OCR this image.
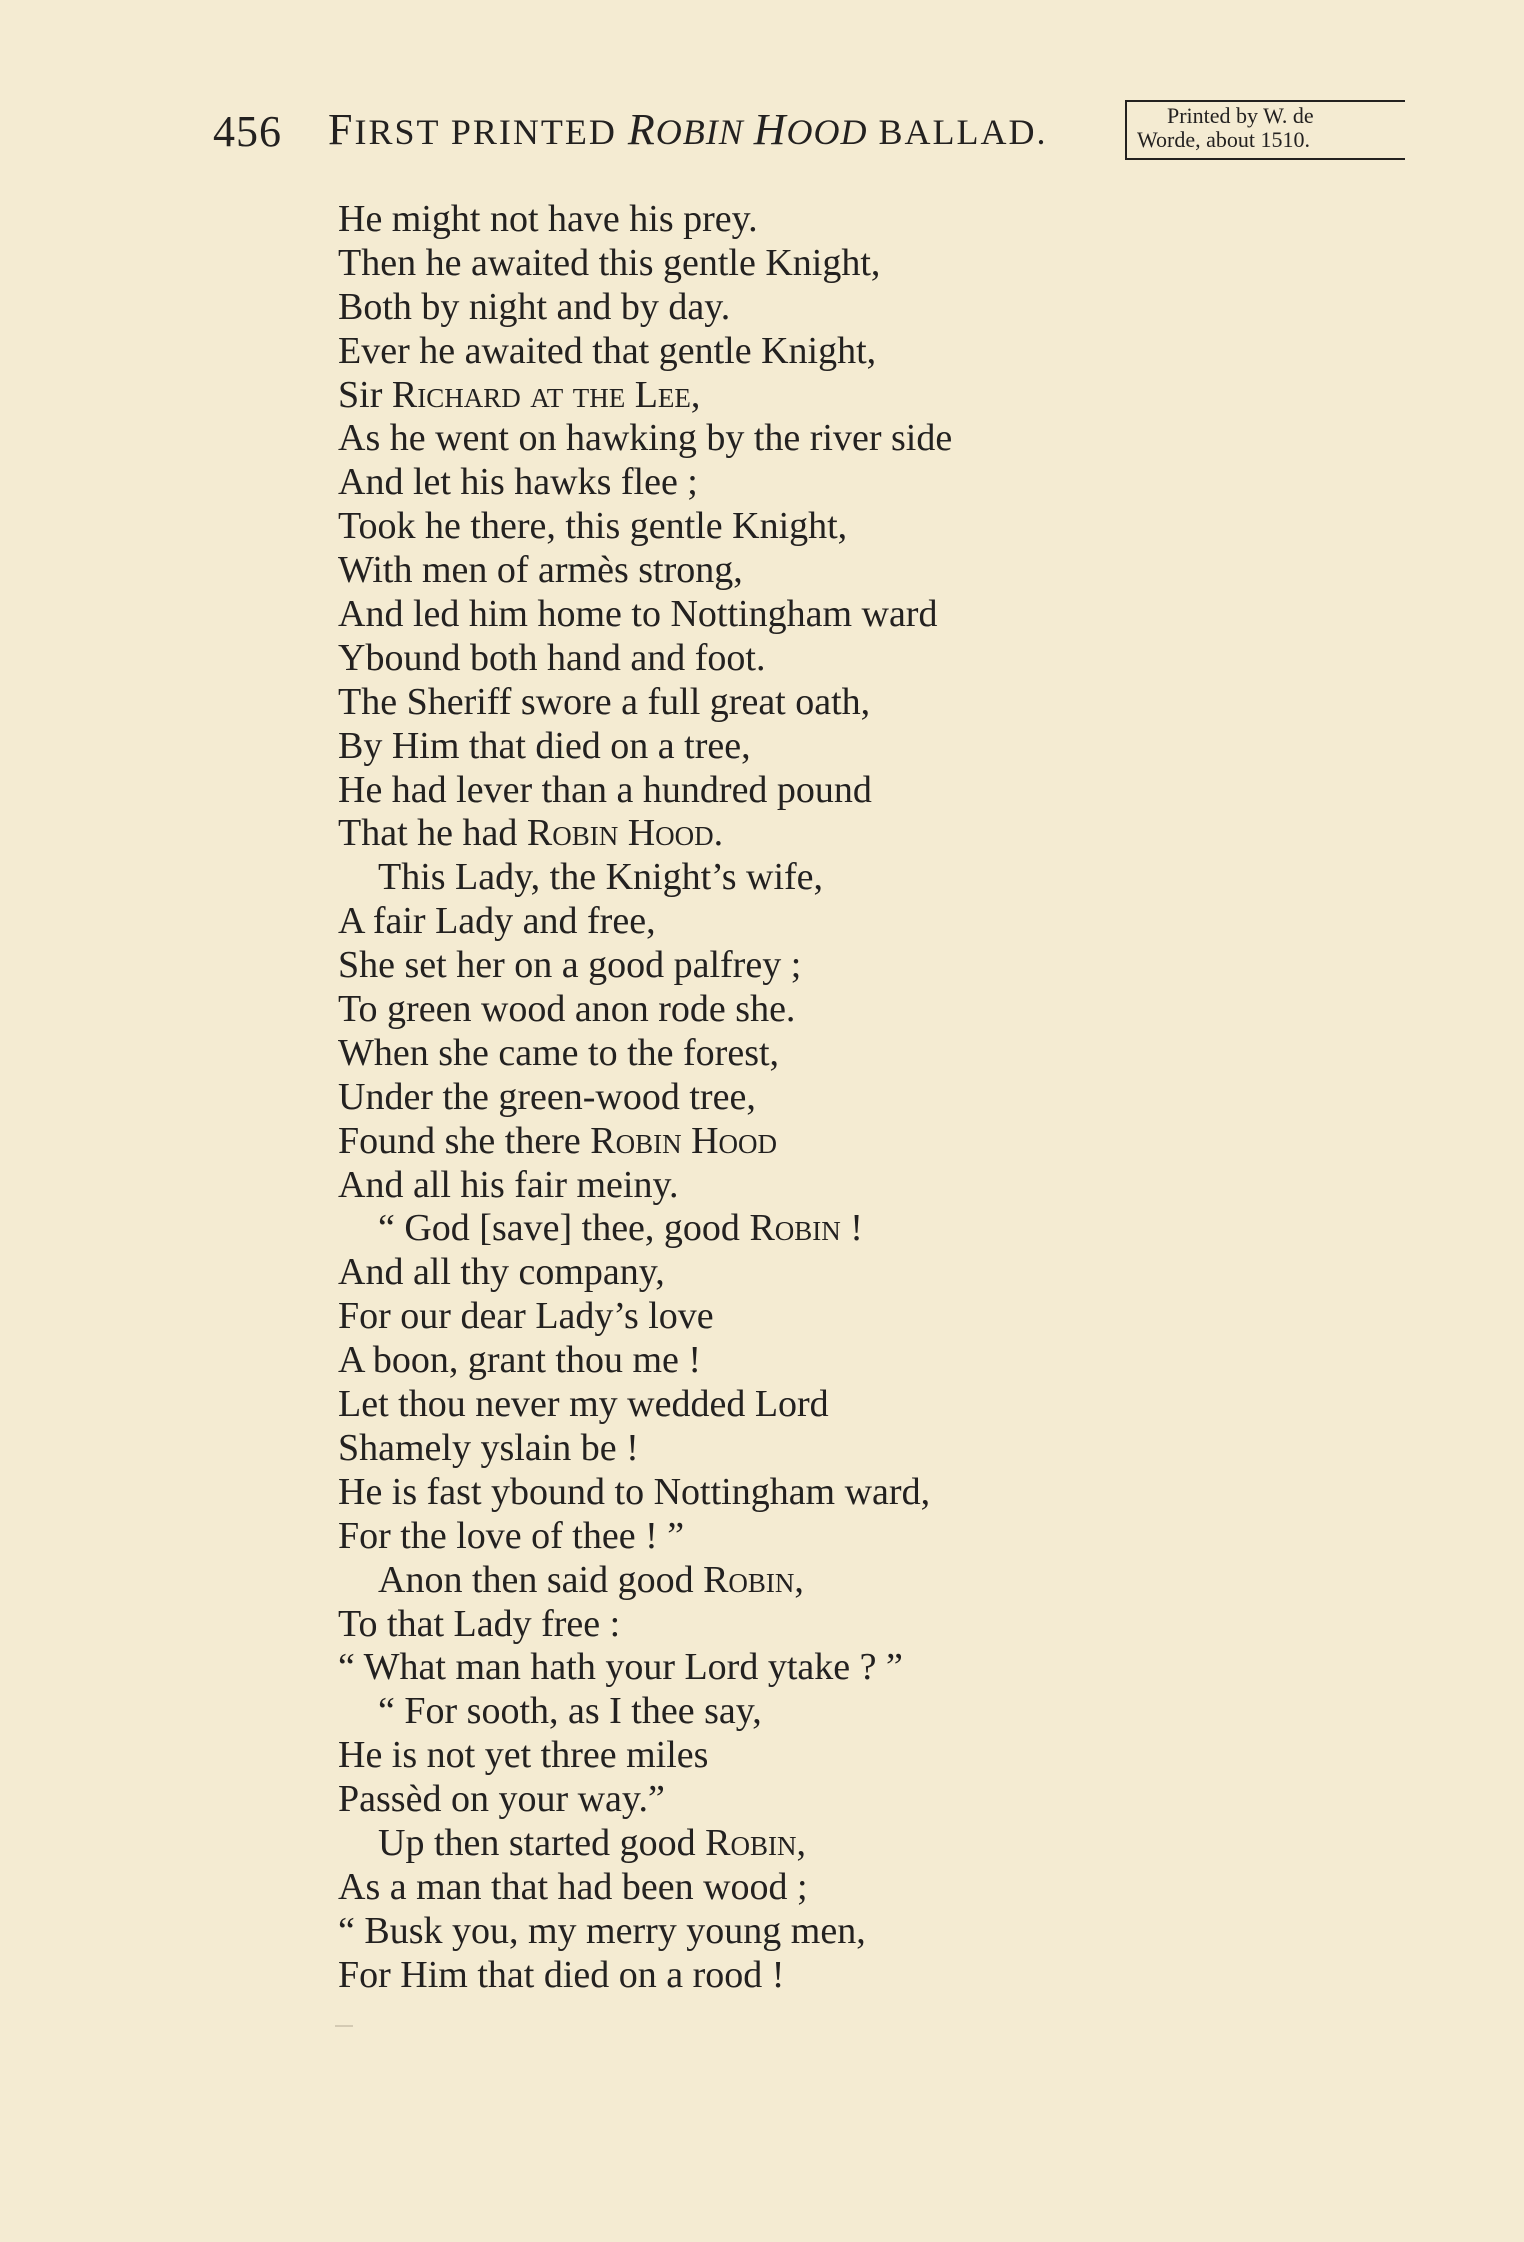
456 FIRST PRINTED ROBIN HOOD BALLAD.	Printed by W. de
Worde, about 1510.
He might not have his prey.
Then he awaited this gentle Knight,
Both by night and by day.
Ever he awaited that gentle Knight,
Sir Richard at the Lee,
As he went on hawking by the river side
And let his hawks flee ;
Took he there, this gentle Knight,
With men of armès strong,
And led him home to Nottingham ward
Ybound both hand and foot.
The Sheriff swore a full great oath,
By Him that died on a tree,
He had lever than a hundred pound
That he had Robin Hood.
This Lady, the Knight’s wife,
A fair Lady and free,
She set her on a good palfrey ;
To green wood anon rode she.
When she came to the forest,
Under the green-wood tree,
Found she there Robin Hood
And all his fair meiny.
“ God [save] thee, good Robin !
And all thy company,
For our dear Lady’s love
A boon, grant thou me !
Let thou never my wedded Lord
Shamely yslain be !
He is fast ybound to Nottingham ward,
For the love of thee ! ”
Anon then said good Robin,
To that Lady free :
“ What man hath your Lord ytake ? ”
“ For sooth, as I thee say,
He is not yet three miles
Passèd on your way.”
Up then started good Robin,
As a man that had been wood ;
“ Busk you, my merry young men,
For Him that died on a rood !
